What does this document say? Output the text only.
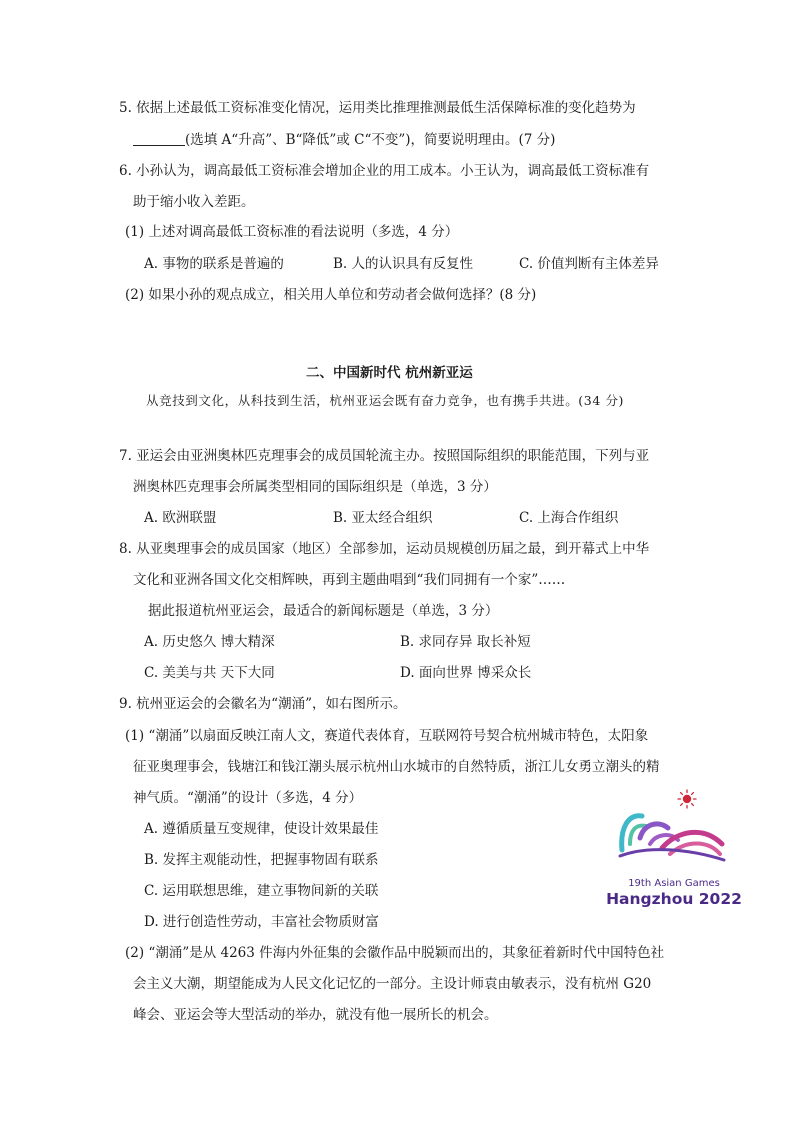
5. 依据上述最低工资标准变化情况，运用类比推理推测最低生活保障标准的变化趋势为
(选填 A“升高”、B“降低”或 C“不变”)，简要说明理由。(7 分)
6. 小孙认为，调高最低工资标准会增加企业的用工成本。小王认为，调高最低工资标准有
助于缩小收入差距。
(1) 上述对调高最低工资标准的看法说明（多选，4 分）
A. 事物的联系是普遍的	B. 人的认识具有反复性	C. 价值判断有主体差异
(2) 如果小孙的观点成立，相关用人单位和劳动者会做何选择？(8 分)
二、中国新时代 杭州新亚运
从竞技到文化，从科技到生活，杭州亚运会既有奋力竞争，也有携手共进。(34 分)
7. 亚运会由亚洲奥林匹克理事会的成员国轮流主办。按照国际组织的职能范围，下列与亚
洲奥林匹克理事会所属类型相同的国际组织是（单选，3 分）
A. 欧洲联盟	B. 亚太经合组织	C. 上海合作组织
8. 从亚奥理事会的成员国家（地区）全部参加，运动员规模创历届之最，到开幕式上中华
文化和亚洲各国文化交相辉映，再到主题曲唱到“我们同拥有一个家”……
据此报道杭州亚运会，最适合的新闻标题是（单选，3 分）
A. 历史悠久 博大精深	B. 求同存异 取长补短
C. 美美与共 天下大同	D. 面向世界 博采众长
9. 杭州亚运会的会徽名为“潮涌”，如右图所示。
(1) “潮涌”以扇面反映江南人文，赛道代表体育，互联网符号契合杭州城市特色，太阳象
征亚奥理事会，钱塘江和钱江潮头展示杭州山水城市的自然特质，浙江儿女勇立潮头的精
神气质。“潮涌”的设计（多选，4 分）
A. 遵循质量互变规律，使设计效果最佳
B. 发挥主观能动性，把握事物固有联系
C. 运用联想思维，建立事物间新的关联
D. 进行创造性劳动，丰富社会物质财富
(2) “潮涌”是从 4263 件海内外征集的会徽作品中脱颖而出的，其象征着新时代中国特色社
会主义大潮，期望能成为人民文化记忆的一部分。主设计师袁由敏表示，没有杭州 G20
峰会、亚运会等大型活动的举办，就没有他一展所长的机会。
19th Asian Games
Hangzhou 2022
